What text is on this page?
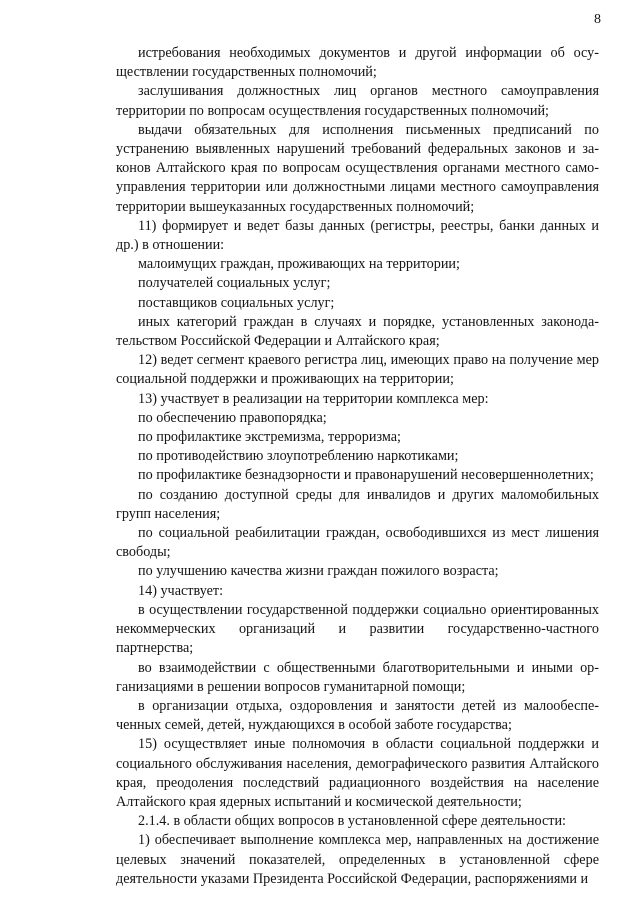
8

истребования необходимых документов и другой информации об осуществлении государственных полномочий;

заслушивания должностных лиц органов местного самоуправления территории по вопросам осуществления государственных полномочий;

выдачи обязательных для исполнения письменных предписаний по устранению выявленных нарушений требований федеральных законов и законов Алтайского края по вопросам осуществления органами местного самоуправления территории или должностными лицами местного самоуправления территории вышеуказанных государственных полномочий;

11) формирует и ведет базы данных (регистры, реестры, банки данных и др.) в отношении:

малоимущих граждан, проживающих на территории;

получателей социальных услуг;

поставщиков социальных услуг;

иных категорий граждан в случаях и порядке, установленных законодательством Российской Федерации и Алтайского края;

12) ведет сегмент краевого регистра лиц, имеющих право на получение мер социальной поддержки и проживающих на территории;

13) участвует в реализации на территории комплекса мер:

по обеспечению правопорядка;

по профилактике экстремизма, терроризма;

по противодействию злоупотреблению наркотиками;

по профилактике безнадзорности и правонарушений несовершеннолетних;

по созданию доступной среды для инвалидов и других маломобильных групп населения;

по социальной реабилитации граждан, освободившихся из мест лишения свободы;

по улучшению качества жизни граждан пожилого возраста;

14) участвует:

в осуществлении государственной поддержки социально ориентированных некоммерческих организаций и развитии государственно-частного партнерства;

во взаимодействии с общественными благотворительными и иными организациями в решении вопросов гуманитарной помощи;

в организации отдыха, оздоровления и занятости детей из малообеспеченных семей, детей, нуждающихся в особой заботе государства;

15) осуществляет иные полномочия в области социальной поддержки и социального обслуживания населения, демографического развития Алтайского края, преодоления последствий радиационного воздействия на население Алтайского края ядерных испытаний и космической деятельности;

2.1.4. в области общих вопросов в установленной сфере деятельности:

1) обеспечивает выполнение комплекса мер, направленных на достижение целевых значений показателей, определенных в установленной сфере деятельности указами Президента Российской Федерации, распоряжениями и
